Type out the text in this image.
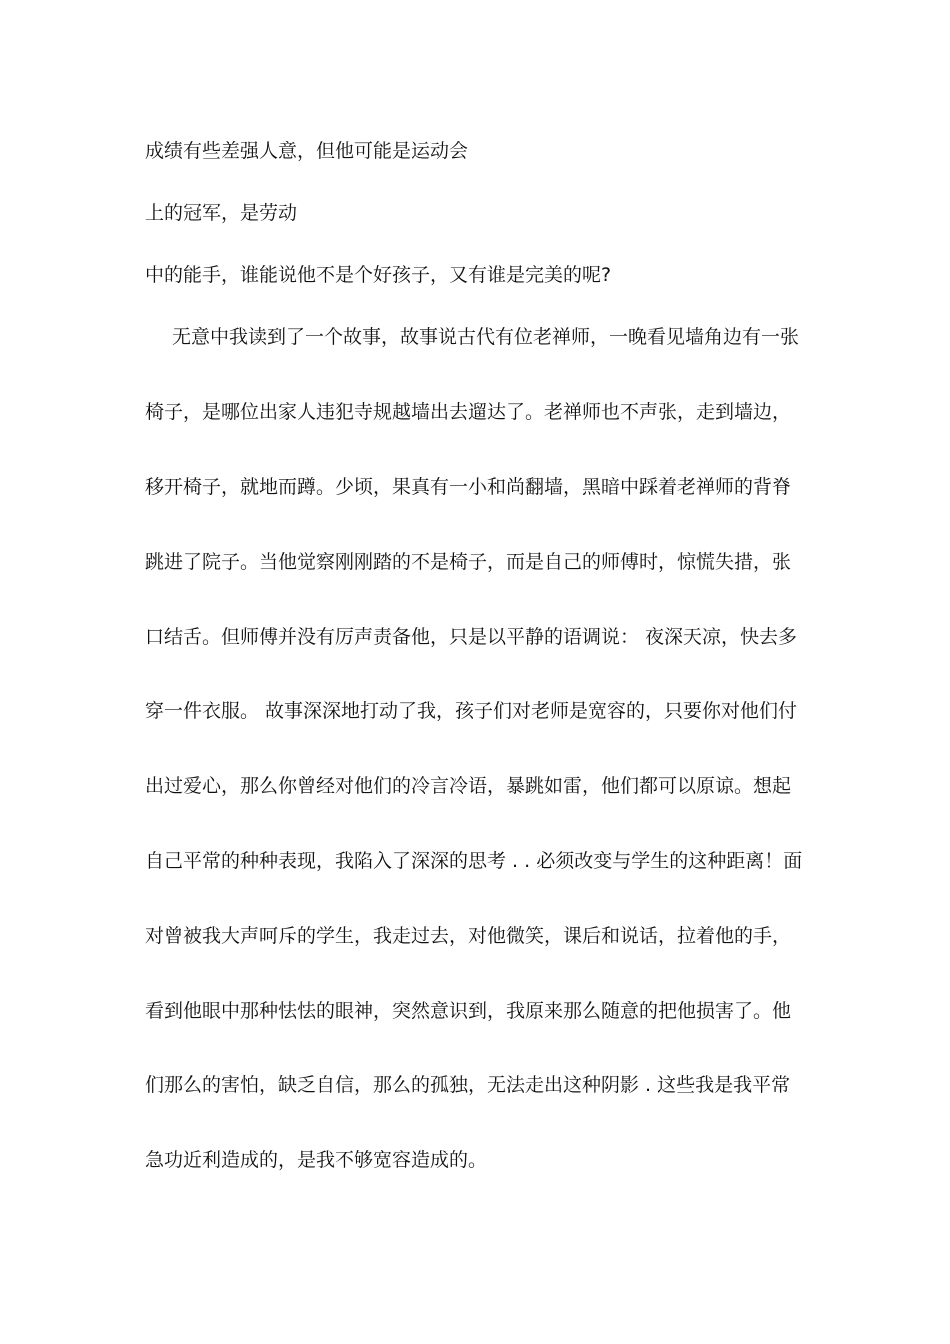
成绩有些差强人意，但他可能是运动会

上的冠军，是劳动

中的能手，谁能说他不是个好孩子，又有谁是完美的呢?

无意中我读到了一个故事，故事说古代有位老禅师，一晚看见墙角边有一张

椅子，是哪位出家人违犯寺规越墙出去遛达了。老禅师也不声张，走到墙边，

移开椅子，就地而蹲。少顷，果真有一小和尚翻墙，黑暗中踩着老禅师的背脊

跳进了院子。当他觉察刚刚踏的不是椅子，而是自己的师傅时，惊慌失措，张

口结舌。但师傅并没有厉声责备他，只是以平静的语调说： 夜深天凉，快去多

穿一件衣服。 故事深深地打动了我，孩子们对老师是宽容的，只要你对他们付

出过爱心，那么你曾经对他们的冷言冷语，暴跳如雷，他们都可以原谅。想起

自己平常的种种表现，我陷入了深深的思考 . . 必须改变与学生的这种距离！面

对曾被我大声呵斥的学生，我走过去，对他微笑，课后和说话，拉着他的手，

看到他眼中那种怯怯的眼神，突然意识到，我原来那么随意的把他损害了。他

们那么的害怕，缺乏自信，那么的孤独，无法走出这种阴影 . 这些我是我平常

急功近利造成的，是我不够宽容造成的。
